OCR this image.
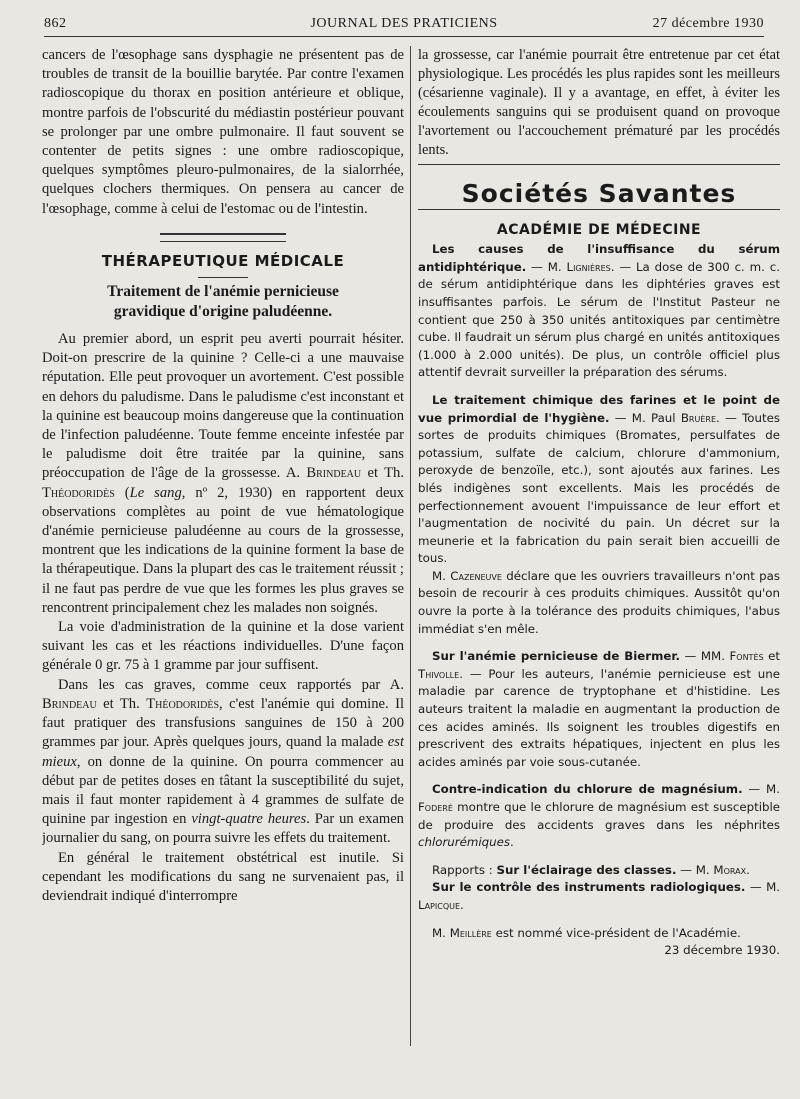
862	JOURNAL DES PRATICIENS	27 décembre 1930

cancers de l'œsophage sans dysphagie ne présentent pas de troubles de transit de la bouillie barytée. Par contre l'examen radioscopique du thorax en position antérieure et oblique, montre parfois de l'obscurité du médiastin postérieur pouvant se prolonger par une ombre pulmonaire. Il faut souvent se contenter de petits signes : une ombre radioscopique, quelques symptômes pleuro-pulmonaires, de la sialorrhée, quelques clochers thermiques. On pensera au cancer de l'œsophage, comme à celui de l'estomac ou de l'intestin.

THÉRAPEUTIQUE MÉDICALE
Traitement de l'anémie pernicieuse
gravidique d'origine paludéenne.

Au premier abord, un esprit peu averti pourrait hésiter. Doit-on prescrire de la quinine ? Celle-ci a une mauvaise réputation. Elle peut provoquer un avortement. C'est possible en dehors du paludisme. Dans le paludisme c'est inconstant et la quinine est beaucoup moins dangereuse que la continuation de l'infection paludéenne. Toute femme enceinte infestée par le paludisme doit être traitée par la quinine, sans préoccupation de l'âge de la grossesse. A. Brindeau et Th. Théodoridès (Le sang, nº 2, 1930) en rapportent deux observations complètes au point de vue hématologique d'anémie pernicieuse paludéenne au cours de la grossesse, montrent que les indications de la quinine forment la base de la thérapeutique. Dans la plupart des cas le traitement réussit ; il ne faut pas perdre de vue que les formes les plus graves se rencontrent principalement chez les malades non soignés.

La voie d'administration de la quinine et la dose varient suivant les cas et les réactions individuelles. D'une façon générale 0 gr. 75 à 1 gramme par jour suffisent.

Dans les cas graves, comme ceux rapportés par A. Brindeau et Th. Théodoridès, c'est l'anémie qui domine. Il faut pratiquer des transfusions sanguines de 150 à 200 grammes par jour. Après quelques jours, quand la malade est mieux, on donne de la quinine. On pourra commencer au début par de petites doses en tâtant la susceptibilité du sujet, mais il faut monter rapidement à 4 grammes de sulfate de quinine par ingestion en vingt-quatre heures. Par un examen journalier du sang, on pourra suivre les effets du traitement.

En général le traitement obstétrical est inutile. Si cependant les modifications du sang ne survenaient pas, il deviendrait indiqué d'interrompre

la grossesse, car l'anémie pourrait être entretenue par cet état physiologique. Les procédés les plus rapides sont les meilleurs (césarienne vaginale). Il y a avantage, en effet, à éviter les écoulements sanguins qui se produisent quand on provoque l'avortement ou l'accouchement prématuré par les procédés lents.

Sociétés Savantes
ACADÉMIE DE MÉDECINE

Les causes de l'insuffisance du sérum antidiphtérique. — M. Lignières. — La dose de 300 c. m. c. de sérum antidiphtérique dans les diphtéries graves est insuffisantes parfois. Le sérum de l'Institut Pasteur ne contient que 250 à 350 unités antitoxiques par centimètre cube. Il faudrait un sérum plus chargé en unités antitoxiques (1.000 à 2.000 unités). De plus, un contrôle officiel plus attentif devrait surveiller la préparation des sérums.

Le traitement chimique des farines et le point de vue primordial de l'hygiène. — M. Paul Bruère. — Toutes sortes de produits chimiques (Bromates, persulfates de potassium, sulfate de calcium, chlorure d'ammonium, peroxyde de benzoïle, etc.), sont ajoutés aux farines. Les blés indigènes sont excellents. Mais les procédés de perfectionnement avouent l'impuissance de leur effort et l'augmentation de nocivité du pain. Un décret sur la meunerie et la fabrication du pain serait bien accueilli de tous.

M. Cazeneuve déclare que les ouvriers travailleurs n'ont pas besoin de recourir à ces produits chimiques. Aussitôt qu'on ouvre la porte à la tolérance des produits chimiques, l'abus immédiat s'en mêle.

Sur l'anémie pernicieuse de Biermer. — MM. Fontès et Thivolle. — Pour les auteurs, l'anémie pernicieuse est une maladie par carence de tryptophane et d'histidine. Les auteurs traitent la maladie en augmentant la production de ces acides aminés. Ils soignent les troubles digestifs en prescrivent des extraits hépatiques, injectent en plus les acides aminés par voie sous-cutanée.

Contre-indication du chlorure de magnésium. — M. Foderé montre que le chlorure de magnésium est susceptible de produire des accidents graves dans les néphrites chlorurémiques.

Rapports : Sur l'éclairage des classes. — M. Morax.

Sur le contrôle des instruments radiologiques. — M. Lapicque.

M. Meillère est nommé vice-président de l'Académie.

23 décembre 1930.
